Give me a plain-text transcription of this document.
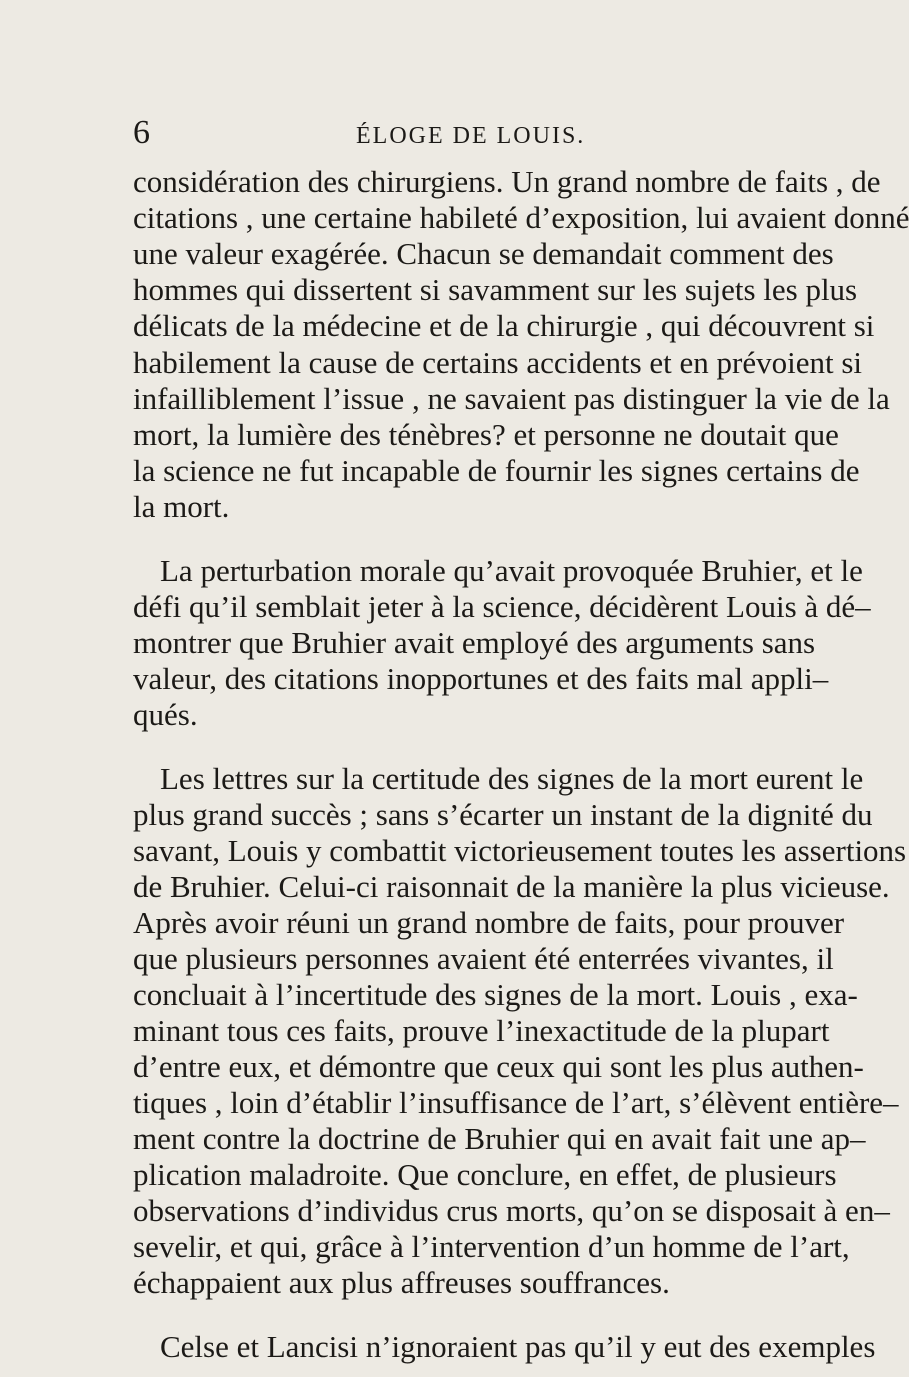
6	ÉLOGE DE LOUIS.
considération des chirurgiens. Un grand nombre de faits , de
citations , une certaine habileté d’exposition, lui avaient donné
une valeur exagérée. Chacun se demandait comment des
hommes qui dissertent si savamment sur les sujets les plus
délicats de la médecine et de la chirurgie , qui découvrent si
habilement la cause de certains accidents et en prévoient si
infailliblement l’issue , ne savaient pas distinguer la vie de la
mort, la lumière des ténèbres? et personne ne doutait que
la science ne fut incapable de fournir les signes certains de
la mort.
La perturbation morale qu’avait provoquée Bruhier, et le
défi qu’il semblait jeter à la science, décidèrent Louis à dé–
montrer que Bruhier avait employé des arguments sans
valeur, des citations inopportunes et des faits mal appli–
qués.
Les lettres sur la certitude des signes de la mort eurent le
plus grand succès ; sans s’écarter un instant de la dignité du
savant, Louis y combattit victorieusement toutes les assertions
de Bruhier. Celui-ci raisonnait de la manière la plus vicieuse.
Après avoir réuni un grand nombre de faits, pour prouver
que plusieurs personnes avaient été enterrées vivantes, il
concluait à l’incertitude des signes de la mort. Louis , exa-
minant tous ces faits, prouve l’inexactitude de la plupart
d’entre eux, et démontre que ceux qui sont les plus authen-
tiques , loin d’établir l’insuffisance de l’art, s’élèvent entière–
ment contre la doctrine de Bruhier qui en avait fait une ap–
plication maladroite. Que conclure, en effet, de plusieurs
observations d’individus crus morts, qu’on se disposait à en–
sevelir, et qui, grâce à l’intervention d’un homme de l’art,
échappaient aux plus affreuses souffrances.
Celse et Lancisi n’ignoraient pas qu’il y eut des exemples
